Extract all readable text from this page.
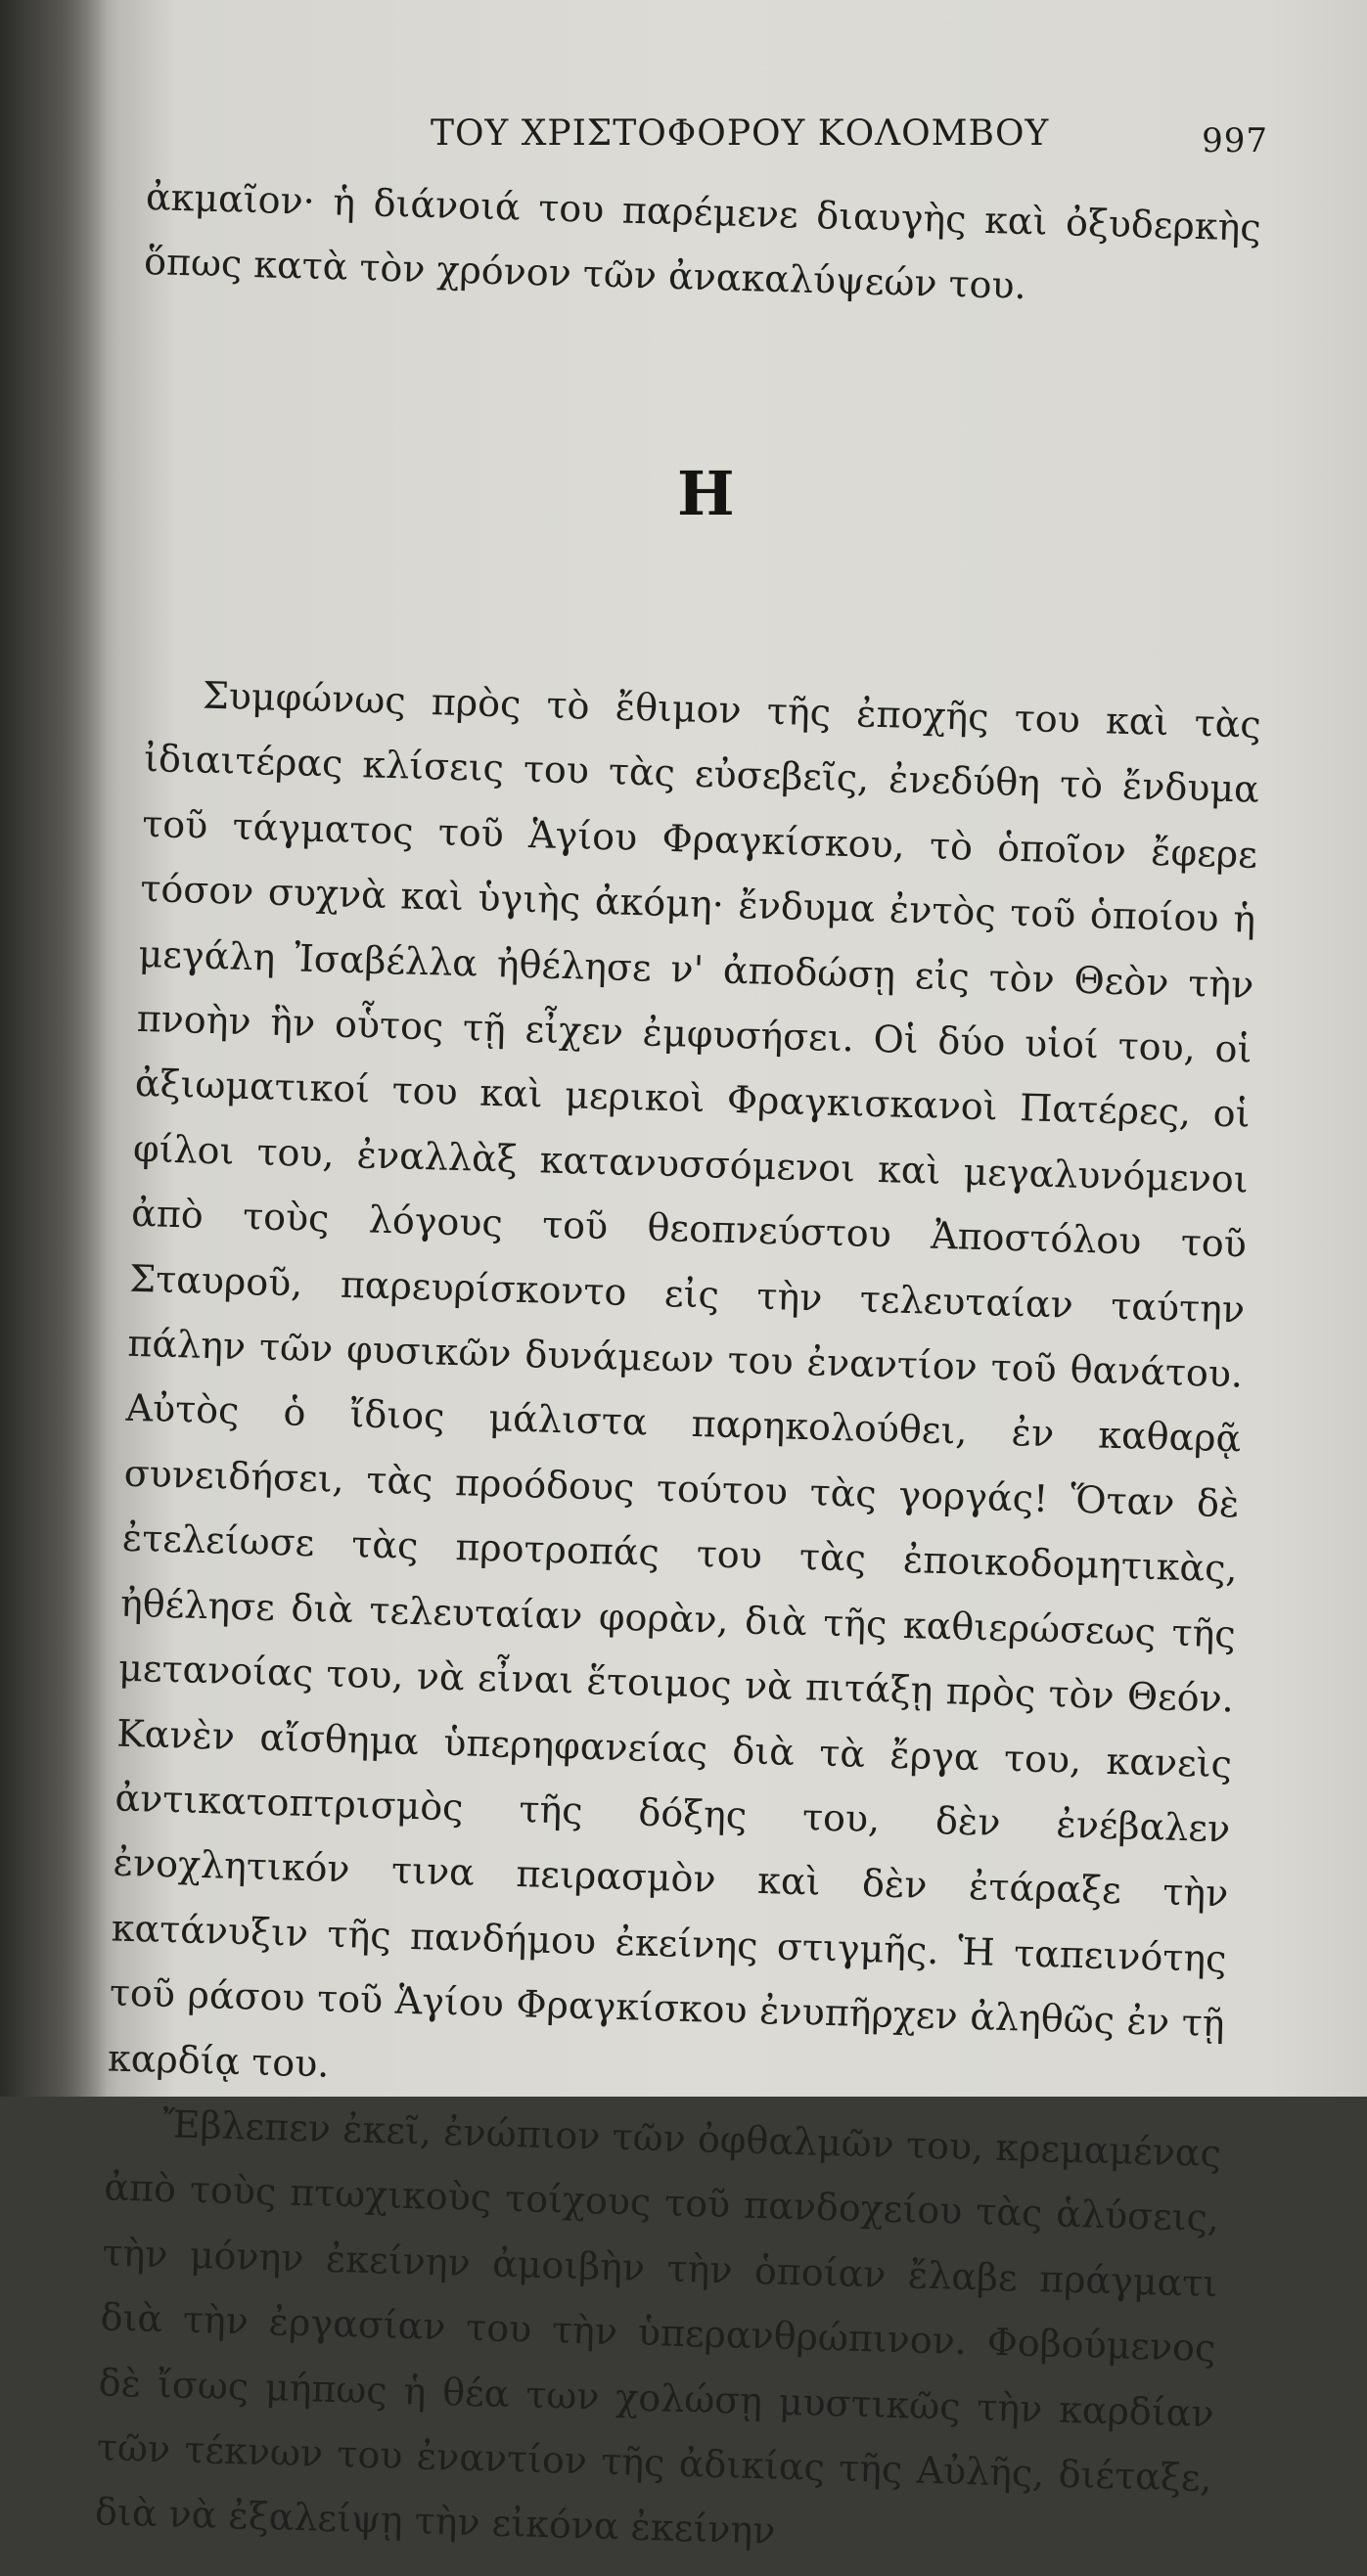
ΤΟΥ ΧΡΙΣΤΟΦΟΡΟΥ ΚΟΛΟΜΒΟΥ	997

ἀκμαῖον· ἡ διάνοιά του παρέμενε διαυγὴς καὶ ὀξυδερκὴς ὅπως κατὰ τὸν χρόνον τῶν ἀνακαλύψεών του.

Η

Συμφώνως πρὸς τὸ ἔθιμον τῆς ἐποχῆς του καὶ τὰς ἰδιαιτέρας κλίσεις του τὰς εὐσεβεῖς, ἐνεδύθη τὸ ἔνδυμα τοῦ τάγματος τοῦ Ἁγίου Φραγκίσκου, τὸ ὁποῖον ἔφερε τόσον συχνὰ καὶ ὑγιὴς ἀκόμη· ἔνδυμα ἐντὸς τοῦ ὁποίου ἡ μεγάλη Ἰσαβέλλα ἠθέλησε ν' ἀποδώσῃ εἰς τὸν Θεὸν τὴν πνοὴν ἣν οὗτος τῇ εἶχεν ἐμφυσήσει. Οἱ δύο υἱοί του, οἱ ἀξιωματικοί του καὶ μερικοὶ Φραγκισκανοὶ Πατέρες, οἱ φίλοι του, ἐναλλὰξ κατανυσσόμενοι καὶ μεγαλυνόμενοι ἀπὸ τοὺς λόγους τοῦ θεοπνεύστου Ἀποστόλου τοῦ Σταυροῦ, παρευρίσκοντο εἰς τὴν τελευταίαν ταύτην πάλην τῶν φυσικῶν δυνάμεων του ἐναντίον τοῦ θανάτου. Αὐτὸς ὁ ἴδιος μάλιστα παρηκολούθει, ἐν καθαρᾷ συνειδήσει, τὰς προόδους τούτου τὰς γοργάς! Ὅταν δὲ ἐτελείωσε τὰς προτροπάς του τὰς ἐποικοδομητικὰς, ἠθέλησε διὰ τελευταίαν φορὰν, διὰ τῆς καθιερώσεως τῆς μετανοίας του, νὰ εἶναι ἕτοιμος νὰ πιτάξῃ πρὸς τὸν Θεόν. Κανὲν αἴσθημα ὑπερηφανείας διὰ τὰ ἔργα του, κανεὶς ἀντικατοπτρισμὸς τῆς δόξης του, δὲν ἐνέβαλεν ἐνοχλητικόν τινα πειρασμὸν καὶ δὲν ἐτάραξε τὴν κατάνυξιν τῆς πανδήμου ἐκείνης στιγμῆς. Ἡ ταπεινότης τοῦ ράσου τοῦ Ἁγίου Φραγκίσκου ἐνυπῆρχεν ἀληθῶς ἐν τῇ καρδίᾳ του.

Ἔβλεπεν ἐκεῖ, ἐνώπιον τῶν ὀφθαλμῶν του, κρεμαμένας ἀπὸ τοὺς πτωχικοὺς τοίχους τοῦ πανδοχείου τὰς ἁλύσεις, τὴν μόνην ἐκείνην ἀμοιβὴν τὴν ὁποίαν ἔλαβε πράγματι διὰ τὴν ἐργασίαν του τὴν ὑπερανθρώπινον. Φοβούμενος δὲ ἴσως μήπως ἡ θέα των χολώσῃ μυστικῶς τὴν καρδίαν τῶν τέκνων του ἐναντίον τῆς ἀδικίας τῆς Αὐλῆς, διέταξε, διὰ νὰ ἐξαλείψῃ τὴν εἰκόνα ἐκείνην
